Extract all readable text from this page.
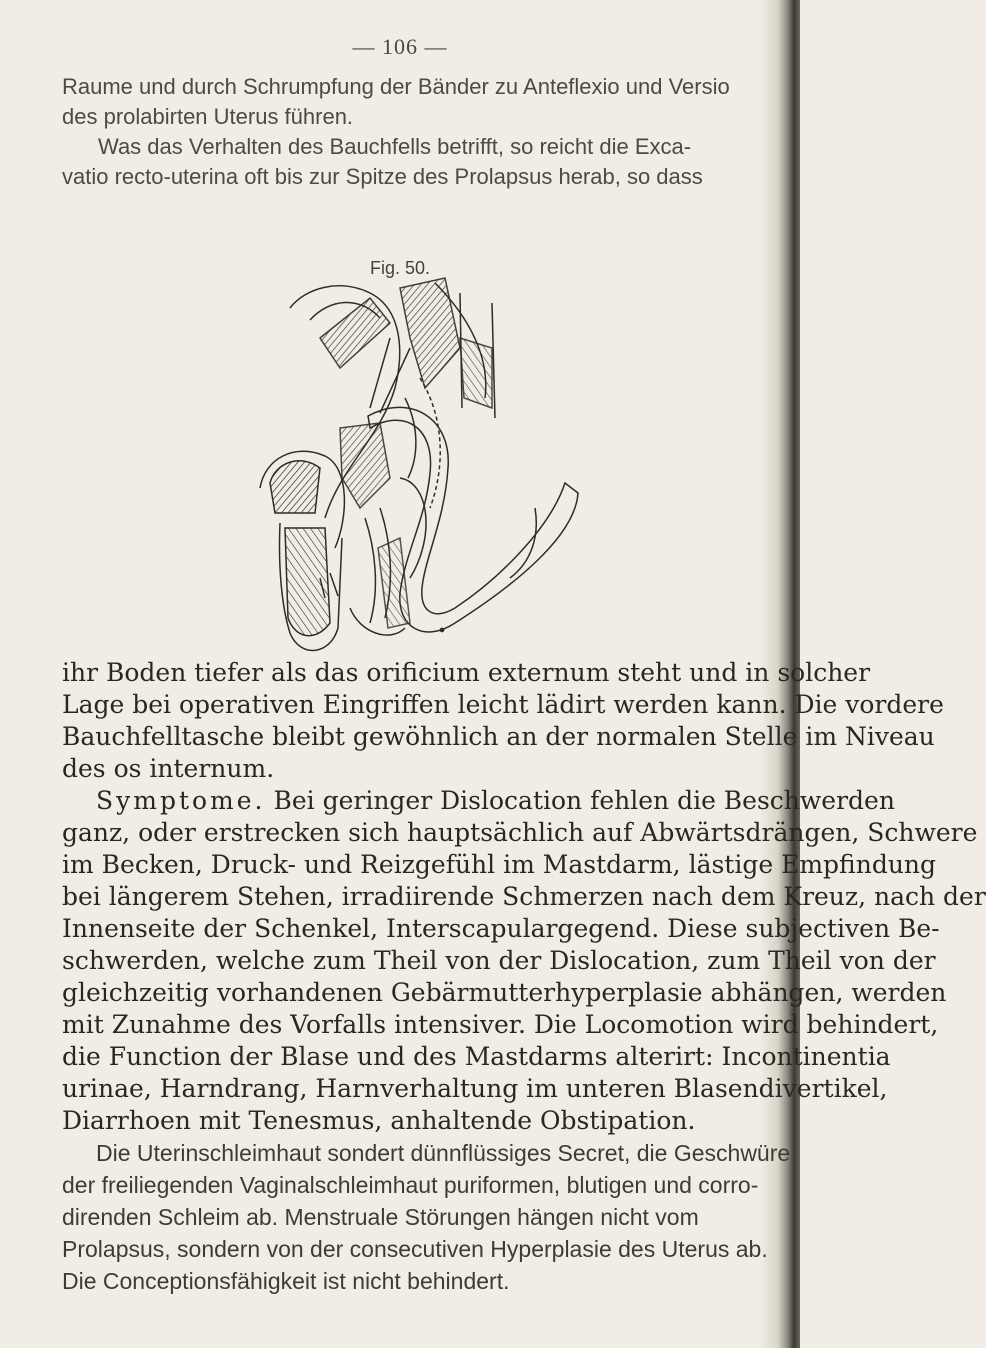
— 106 —
Raume und durch Schrumpfung der Bänder zu Anteflexio und Versio
des prolabirten Uterus führen.
Was das Verhalten des Bauchfells betrifft, so reicht die Exca-
vatio recto-uterina oft bis zur Spitze des Prolapsus herab, so dass
Fig. 50.
ihr Boden tiefer als das orificium externum steht und in solcher
Lage bei operativen Eingriffen leicht lädirt werden kann. Die vordere
Bauchfelltasche bleibt gewöhnlich an der normalen Stelle im Niveau
des os internum.
Symptome. Bei geringer Dislocation fehlen die Beschwerden
ganz, oder erstrecken sich hauptsächlich auf Abwärtsdrängen, Schwere
im Becken, Druck- und Reizgefühl im Mastdarm, lästige Empfindung
bei längerem Stehen, irradiirende Schmerzen nach dem Kreuz, nach der
Innenseite der Schenkel, Interscapulargegend. Diese subjectiven Be-
schwerden, welche zum Theil von der Dislocation, zum Theil von der
gleichzeitig vorhandenen Gebärmutterhyperplasie abhängen, werden
mit Zunahme des Vorfalls intensiver. Die Locomotion wird behindert,
die Function der Blase und des Mastdarms alterirt: Incontinentia
urinae, Harndrang, Harnverhaltung im unteren Blasendivertikel,
Diarrhoen mit Tenesmus, anhaltende Obstipation.
Die Uterinschleimhaut sondert dünnflüssiges Secret, die Geschwüre
der freiliegenden Vaginalschleimhaut puriformen, blutigen und corro-
direnden Schleim ab. Menstruale Störungen hängen nicht vom
Prolapsus, sondern von der consecutiven Hyperplasie des Uterus ab.
Die Conceptionsfähigkeit ist nicht behindert.
